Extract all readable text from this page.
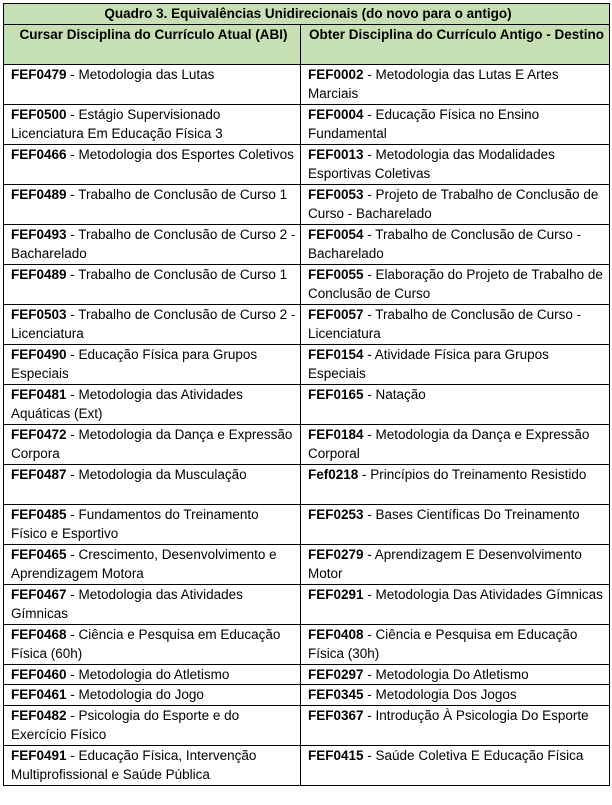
Quadro 3. Equivalências Unidirecionais (do novo para o antigo)	
Cursar Disciplina do Currículo Atual (ABI)	Obter Disciplina do Currículo Antigo - Destino
FEF0479 - Metodologia das Lutas	FEF0002 - Metodologia das Lutas E Artes Marciais
FEF0500 - Estágio Supervisionado Licenciatura Em Educação Física 3	FEF0004 - Educação Física no Ensino Fundamental
FEF0466 - Metodologia dos Esportes Coletivos	FEF0013 - Metodologia das Modalidades Esportivas Coletivas
FEF0489 - Trabalho de Conclusão de Curso 1	FEF0053 - Projeto de Trabalho de Conclusão de Curso - Bacharelado
FEF0493 - Trabalho de Conclusão de Curso 2 - Bacharelado	FEF0054 - Trabalho de Conclusão de Curso - Bacharelado
FEF0489 - Trabalho de Conclusão de Curso 1	FEF0055 - Elaboração do Projeto de Trabalho de Conclusão de Curso
FEF0503 - Trabalho de Conclusão de Curso 2 - Licenciatura	FEF0057 - Trabalho de Conclusão de Curso - Licenciatura
FEF0490 - Educação Física para Grupos Especiais	FEF0154 - Atividade Física para Grupos Especiais
FEF0481 - Metodologia das Atividades Aquáticas (Ext)	FEF0165 - Natação
FEF0472 - Metodologia da Dança e Expressão Corpora	FEF0184 - Metodologia da Dança e Expressão Corporal
FEF0487 - Metodologia da Musculação	Fef0218 - Princípios do Treinamento Resistido
FEF0485 - Fundamentos do Treinamento Físico e Esportivo	FEF0253 - Bases Científicas Do Treinamento
FEF0465 - Crescimento, Desenvolvimento e Aprendizagem Motora	FEF0279 - Aprendizagem E Desenvolvimento Motor
FEF0467 - Metodologia das Atividades Gímnicas	FEF0291 - Metodologia Das Atividades Gímnicas
FEF0468 - Ciência e Pesquisa em Educação Física (60h)	FEF0408 - Ciência e Pesquisa em Educação Física (30h)
FEF0460 - Metodologia do Atletismo	FEF0297 - Metodologia Do Atletismo
FEF0461 - Metodologia do Jogo	FEF0345 - Metodologia Dos Jogos
FEF0482 - Psicologia do Esporte e do Exercício Físico	FEF0367 - Introdução À Psicologia Do Esporte
FEF0491 - Educação Física, Intervenção Multiprofissional e Saúde Pública	FEF0415 - Saúde Coletiva E Educação Física
